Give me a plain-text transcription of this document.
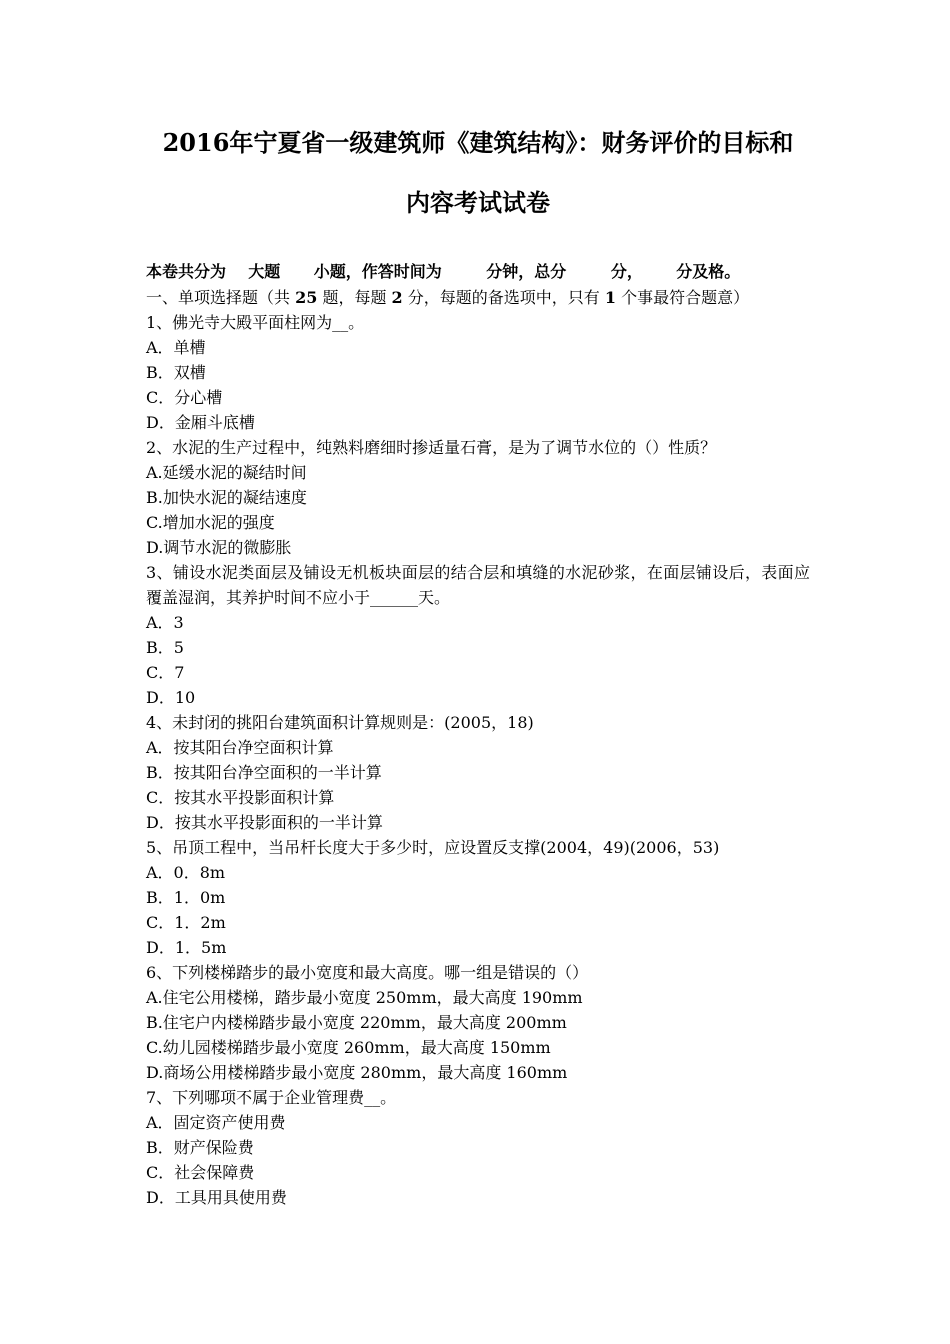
2016年宁夏省一级建筑师《建筑结构》：财务评价的目标和
内容考试试卷
本卷共分为    大题      小题，作答时间为        分钟，总分        分，      分及格。
一、单项选择题（共 25 题，每题 2 分，每题的备选项中，只有 1 个事最符合题意）
1、佛光寺大殿平面柱网为__。
A．单槽
B．双槽
C．分心槽
D．金厢斗底槽
2、水泥的生产过程中，纯熟料磨细时掺适量石膏，是为了调节水位的（）性质？
A.延缓水泥的凝结时间
B.加快水泥的凝结速度
C.增加水泥的强度
D.调节水泥的微膨胀
3、铺设水泥类面层及铺设无机板块面层的结合层和填缝的水泥砂浆，在面层铺设后，表面应覆盖湿润，其养护时间不应小于______天。
A．3
B．5
C．7
D．10
4、未封闭的挑阳台建筑面积计算规则是：(2005，18)
A．按其阳台净空面积计算
B．按其阳台净空面积的一半计算
C．按其水平投影面积计算
D．按其水平投影面积的一半计算
5、吊顶工程中，当吊杆长度大于多少时，应设置反支撑(2004，49)(2006，53)
A．0．8m
B．1．0m
C．1．2m
D．1．5m
6、下列楼梯踏步的最小宽度和最大高度。哪一组是错误的（）
A.住宅公用楼梯，踏步最小宽度 250mm，最大高度 190mm
B.住宅户内楼梯踏步最小宽度 220mm，最大高度 200mm
C.幼儿园楼梯踏步最小宽度 260mm，最大高度 150mm
D.商场公用楼梯踏步最小宽度 280mm，最大高度 160mm
7、下列哪项不属于企业管理费__。
A．固定资产使用费
B．财产保险费
C．社会保障费
D．工具用具使用费
